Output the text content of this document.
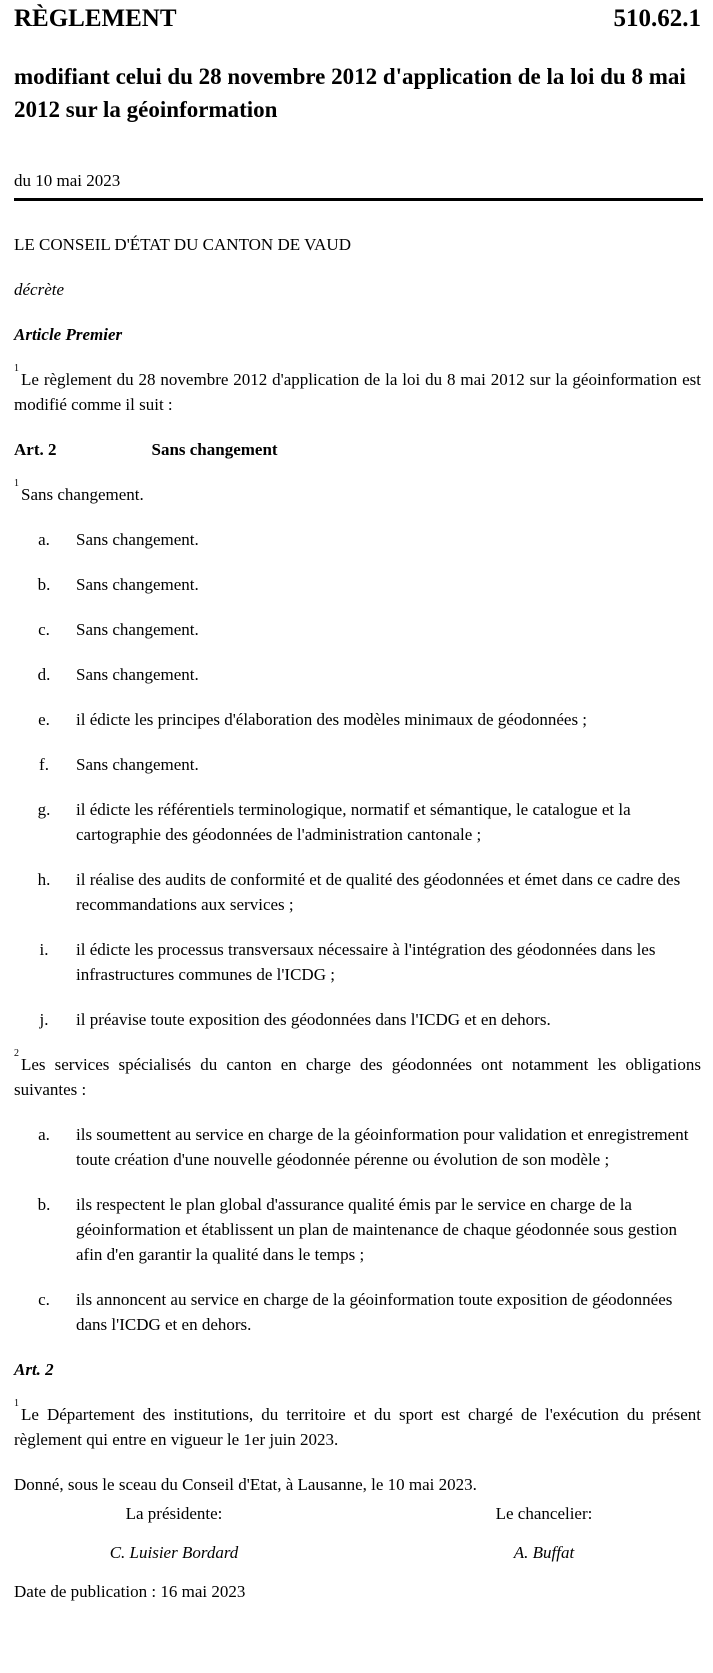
RÈGLEMENT	510.62.1
modifiant celui du 28 novembre 2012 d'application de la loi du 8 mai 2012 sur la géoinformation
du 10 mai 2023

LE CONSEIL D'ÉTAT DU CANTON DE VAUD

décrète

Article Premier

$^1$Le règlement du 28 novembre 2012 d'application de la loi du 8 mai 2012 sur la géoinformation est modifié comme il suit :

Art. 2	Sans changement

$^1$Sans changement.

a.	Sans changement.
b.	Sans changement.
c.	Sans changement.
d.	Sans changement.
e.	il édicte les principes d'élaboration des modèles minimaux de géodonnées ;
f.	Sans changement.
g.	il édicte les référentiels terminologique, normatif et sémantique, le catalogue et la cartographie des géodonnées de l'administration cantonale ;
h.	il réalise des audits de conformité et de qualité des géodonnées et émet dans ce cadre des recommandations aux services ;
i.	il édicte les processus transversaux nécessaire à l'intégration des géodonnées dans les infrastructures communes de l'ICDG ;
j.	il préavise toute exposition des géodonnées dans l'ICDG et en dehors.

$^2$Les services spécialisés du canton en charge des géodonnées ont notamment les obligations suivantes :

a.	ils soumettent au service en charge de la géoinformation pour validation et enregistrement toute création d'une nouvelle géodonnée pérenne ou évolution de son modèle ;
b.	ils respectent le plan global d'assurance qualité émis par le service en charge de la géoinformation et établissent un plan de maintenance de chaque géodonnée sous gestion afin d'en garantir la qualité dans le temps ;
c.	ils annoncent au service en charge de la géoinformation toute exposition de géodonnées dans l'ICDG et en dehors.

Art. 2

$^1$Le Département des institutions, du territoire et du sport est chargé de l'exécution du présent règlement qui entre en vigueur le 1er juin 2023.

Donné, sous le sceau du Conseil d'Etat, à Lausanne, le 10 mai 2023.

La présidente:	Le chancelier:
C. Luisier Bordard	A. Buffat

Date de publication : 16 mai 2023
